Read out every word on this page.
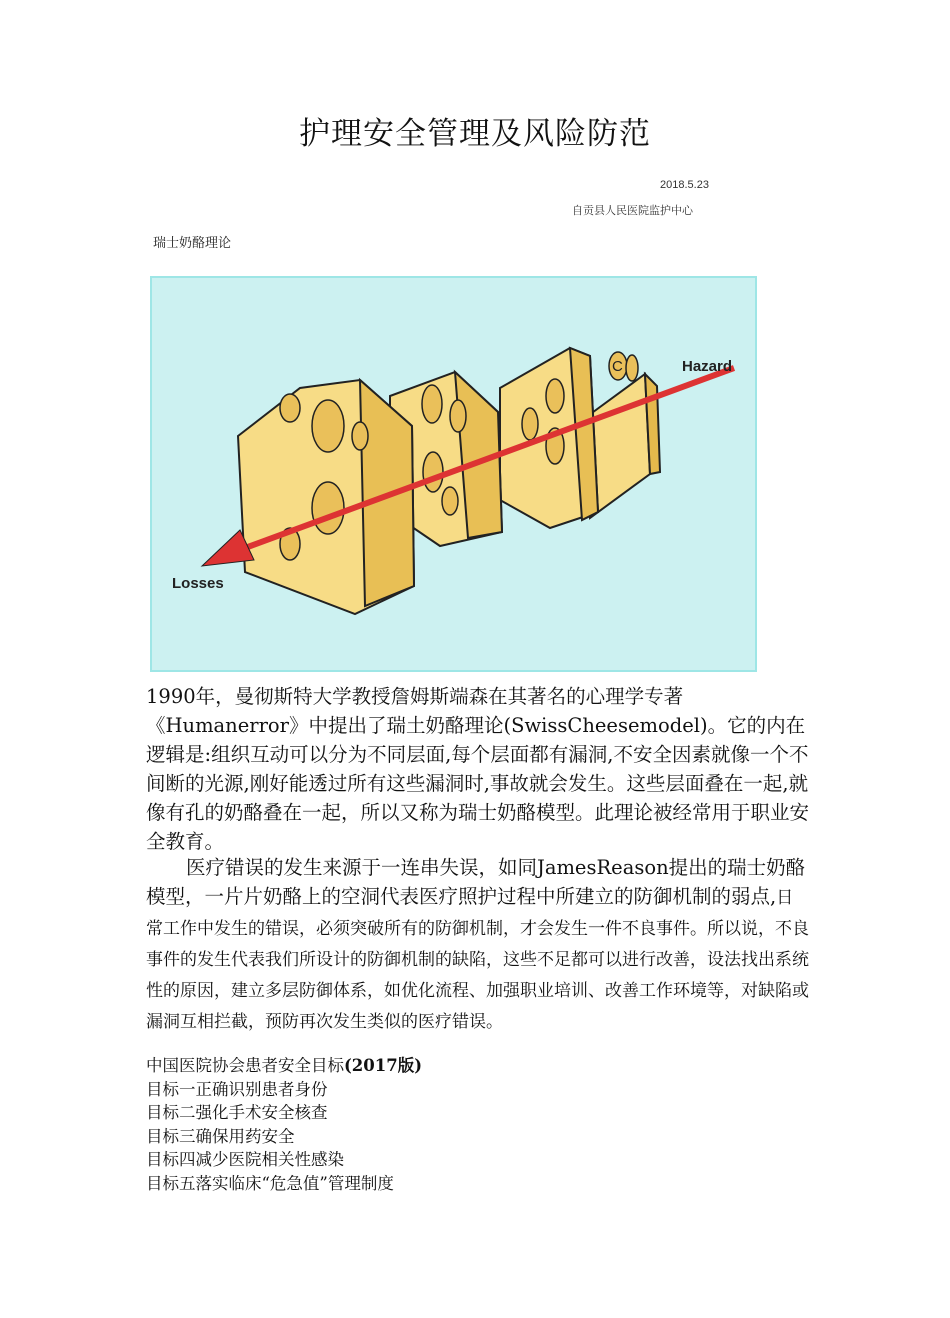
护理安全管理及风险防范
2018.5.23
自贡县人民医院监护中心
瑞士奶酪理论
C	Hazard
Losses

1990年，曼彻斯特大学教授詹姆斯端森在其著名的心理学专著《Humanerror》中提出了瑞土奶酪理论(SwissCheesemodel)。它的内在逻辑是:组织互动可以分为不同层面,每个层面都有漏洞,不安全因素就像一个不间断的光源,刚好能透过所有这些漏洞时,事故就会发生。这些层面叠在一起,就像有孔的奶酪叠在一起，所以又称为瑞士奶酪模型。此理论被经常用于职业安全教育。

医疗错误的发生来源于一连串失误，如同JamesReason提出的瑞士奶酪模型，一片片奶酪上的空洞代表医疗照护过程中所建立的防御机制的弱点,日常工作中发生的错误，必须突破所有的防御机制，才会发生一件不良事件。所以说，不良事件的发生代表我们所设计的防御机制的缺陷，这些不足都可以进行改善，设法找出系统性的原因，建立多层防御体系，如优化流程、加强职业培训、改善工作环境等，对缺陷或漏洞互相拦截，预防再次发生类似的医疗错误。

中国医院协会患者安全目标(2017版)
目标一正确识别患者身份
目标二强化手术安全核查
目标三确保用药安全
目标四减少医院相关性感染
目标五落实临床“危急值”管理制度
